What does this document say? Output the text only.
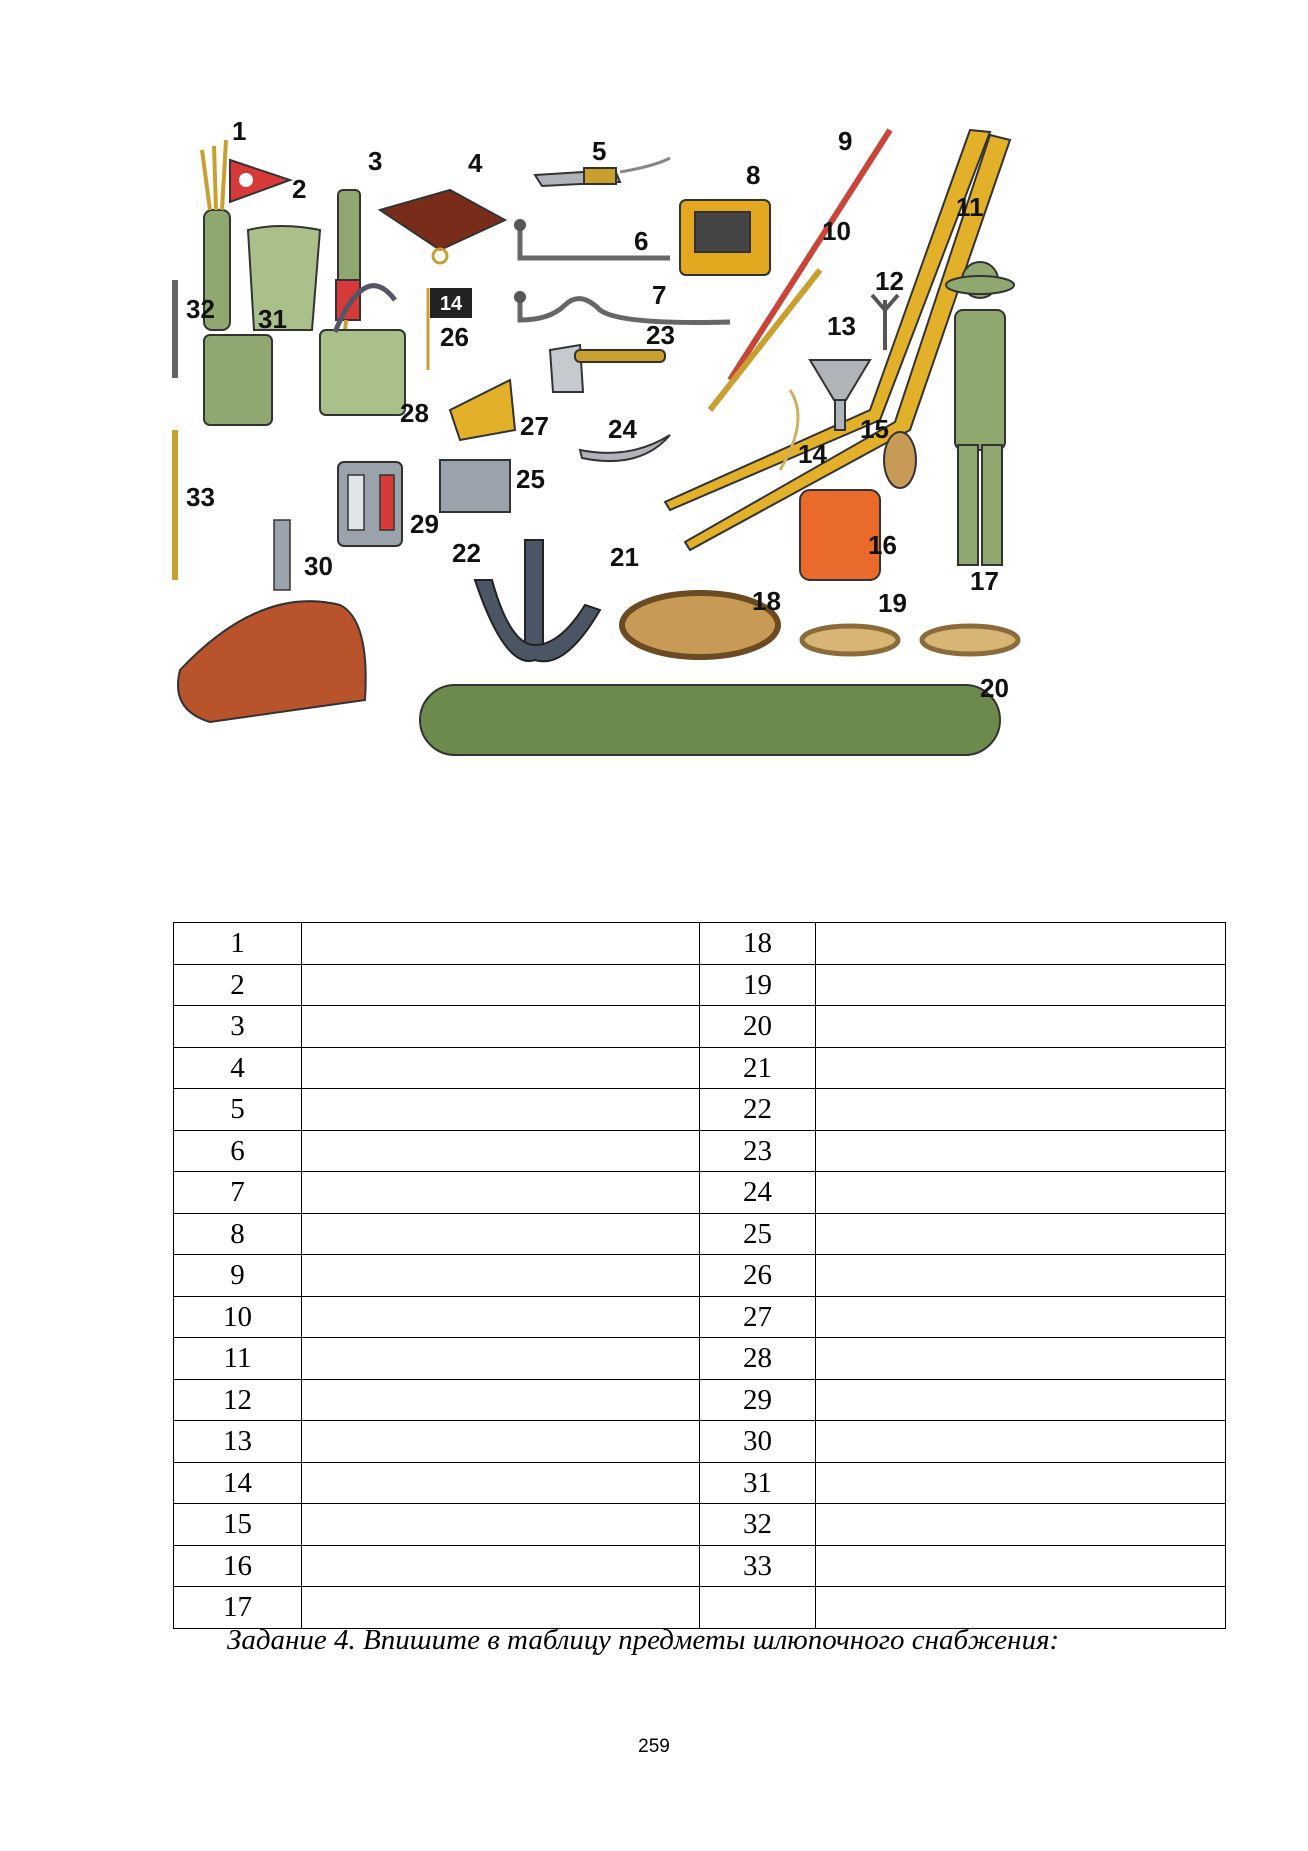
14
1
2
3	4	5
6
7
8
9
10
11
12
13
14
15
16
17
18	19
20
21
22
23
24
25
26
27
28
29
30
31
32
33
1		18	
2		19	
3		20	
4		21	
5		22	
6		23	
7		24	
8		25	
9		26	
10		27	
11		28	
12		29	
13		30	
14		31	
15		32	
16		33	
17			

Задание 4. Впишите в таблицу предметы шлюпочного снабжения:

259
